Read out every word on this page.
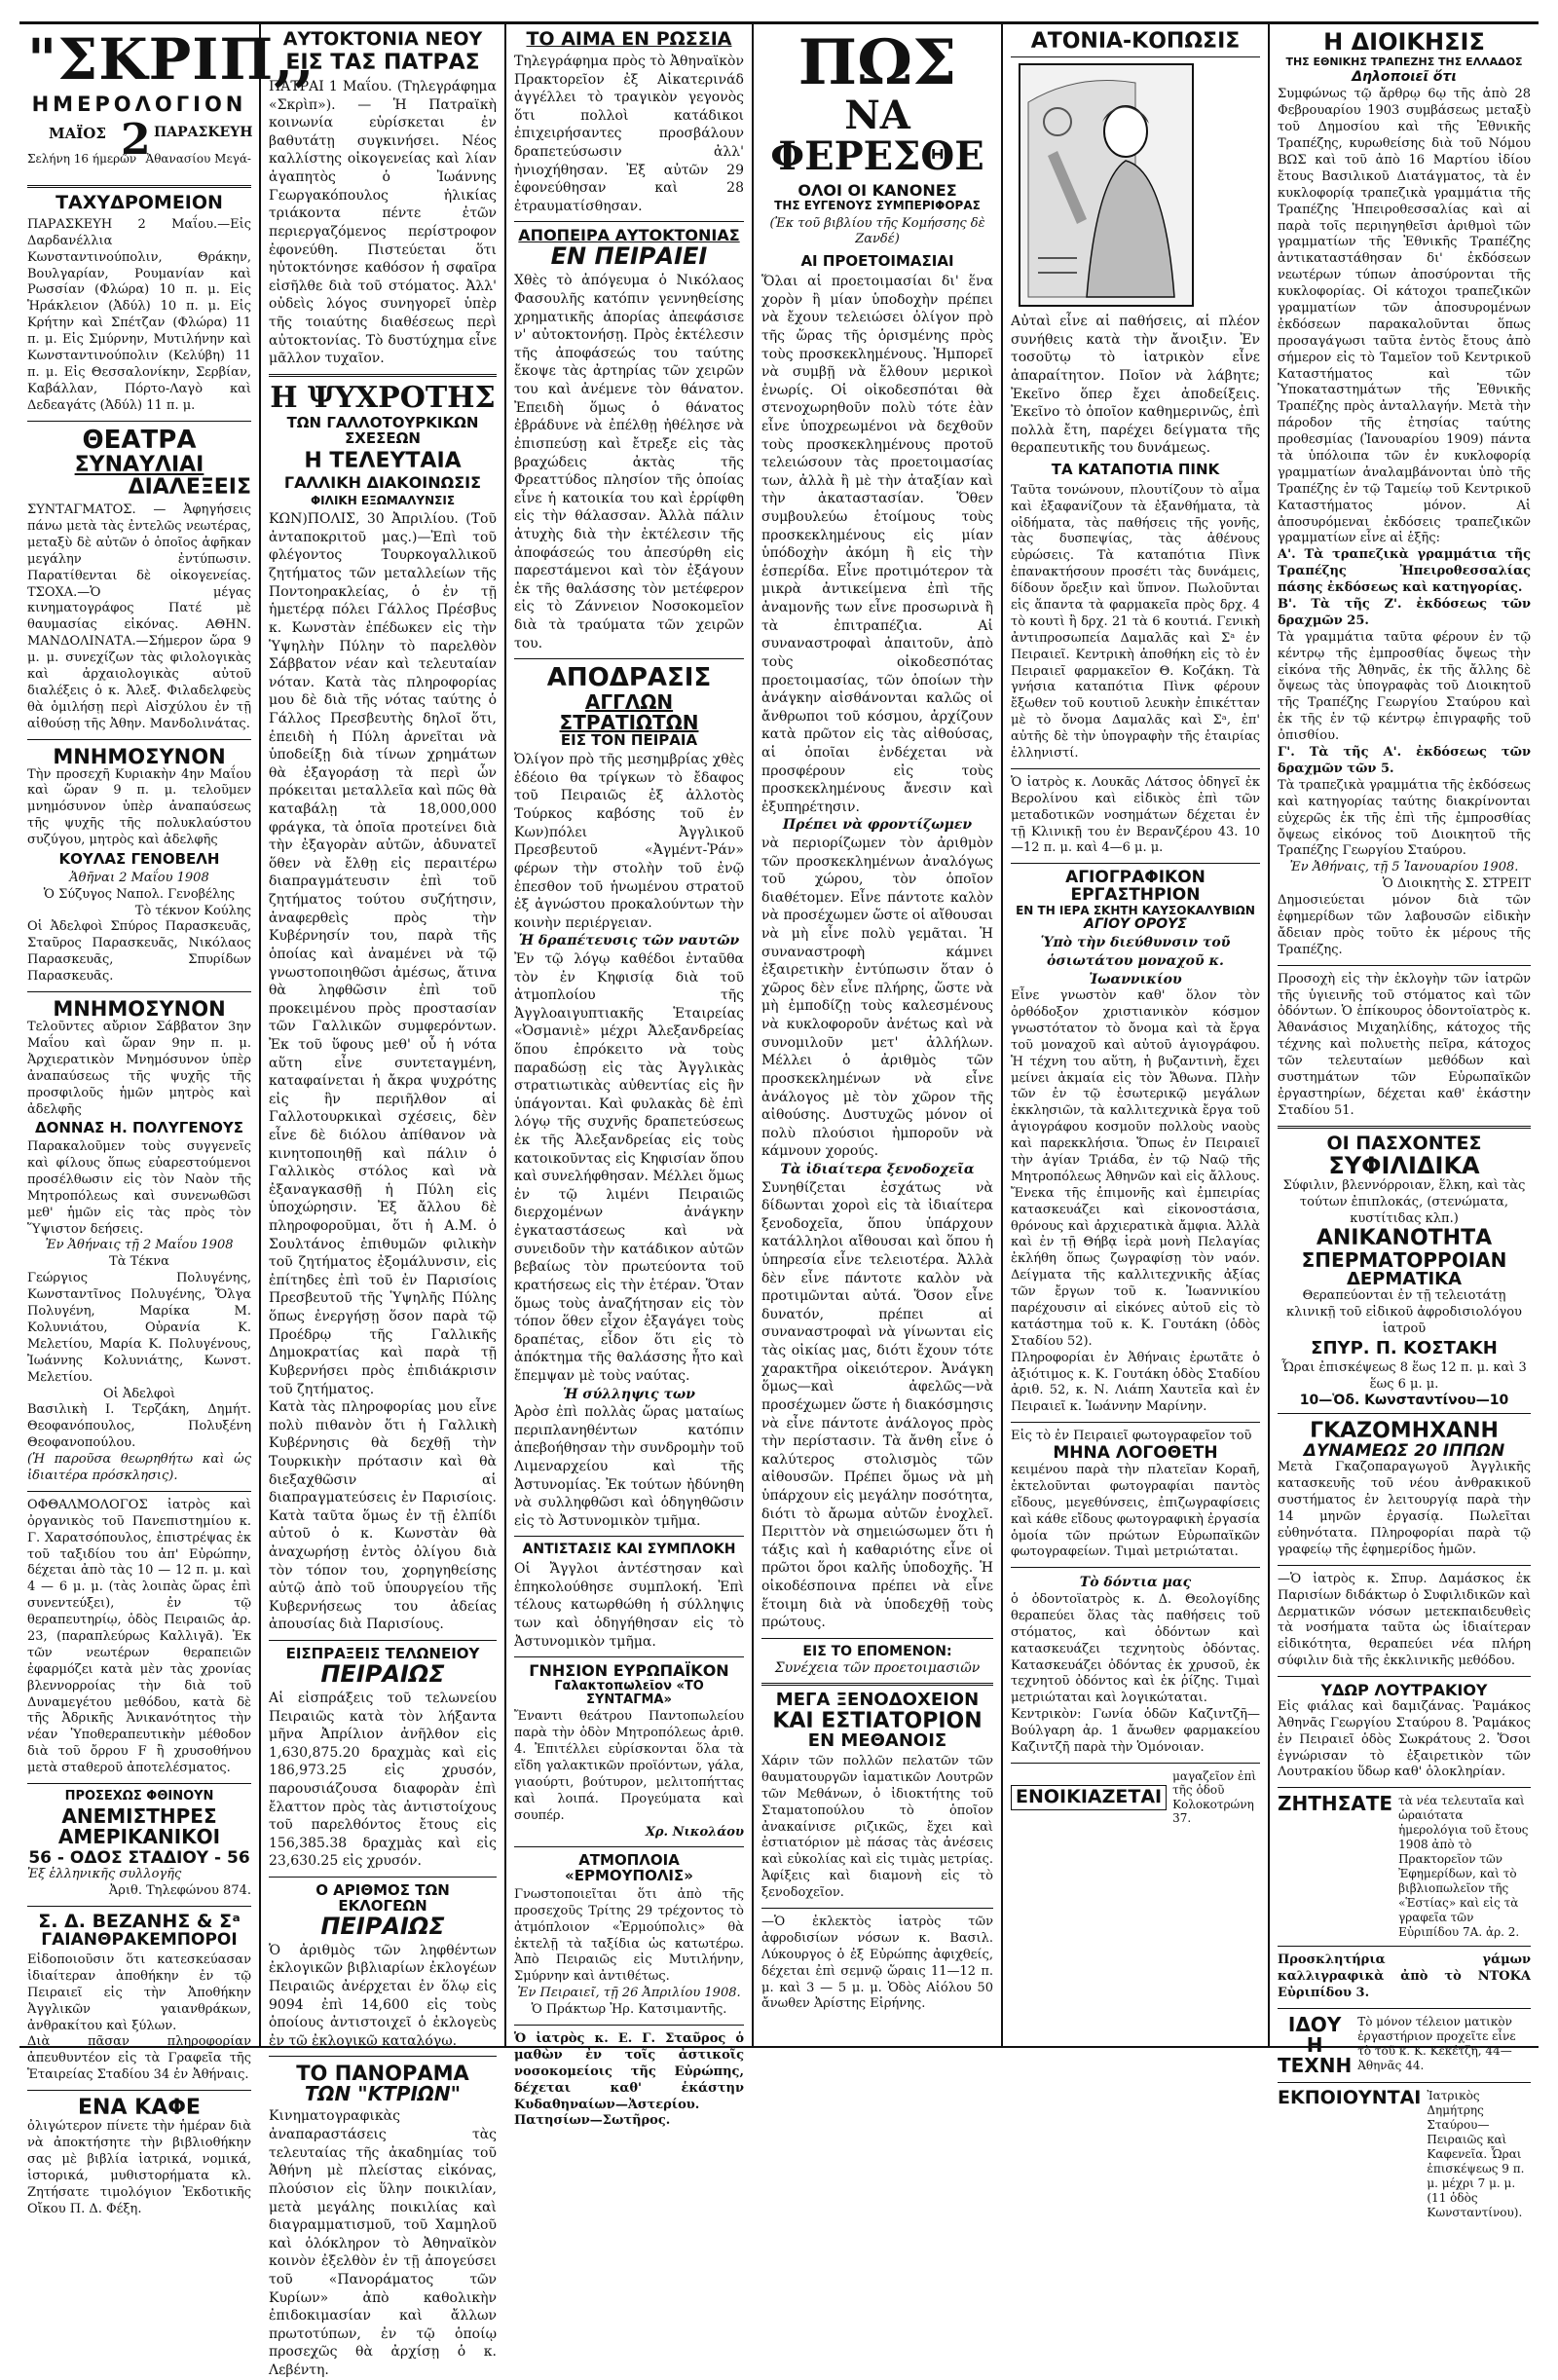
"ΣΚΡΙΠ,,
ΗΜΕΡΟΛΟΓΙΟΝ
ΜΑΪΟΣ 2 ΠΑΡΑΣΚΕΥΗ
Σελήνη 16 ήμερῶν Ἀθανασίου Μεγά-
ΤΑΧΥΔΡΟΜΕΙΟΝ

ΠΑΡΑΣΚΕΥΗ 2 Μαΐου.—Εἰς Δαρδανέλλια Κωνσταντινούπολιν, Θράκην, Βουλγαρίαν, Ρουμανίαν καὶ Ρωσσίαν (Φλώρα) 10 π. μ. Εἰς Ἡράκλειον (Ἀδύλ) 10 π. μ. Εἰς Κρήτην καὶ Σπέτζαν (Φλώρα) 11 π. μ. Εἰς Σμύρνην, Μυτιλήνην καὶ Κωνσταντινούπολιν (Κελύβη) 11 π. μ. Εἰς Θεσσαλονίκην, Σερβίαν, Καβάλλαν, Πόρτο-Λαγὸ καὶ Δεδεαγάτς (Ἀδύλ) 11 π. μ.

ΘΕΑΤΡΑ
ΣΥΝΑΥΛΙΑΙ
ΔΙΑΛΕΞΕΙΣ

ΣΥΝΤΑΓΜΑΤΟΣ. — Ἀφηγήσεις πάνω μετὰ τὰς ἐντελῶς νεωτέρας, μεταξὺ δὲ αὐτῶν ὁ ὁποῖος ἀφῆκαν μεγάλην ἐντύπωσιν. Παρατίθενται δὲ οἰκογενείας. ΤΣΟΧΑ.—Ὁ μέγας κινηματογράφος Πατέ μὲ θαυμασίας εἰκόνας. ΑΘΗΝ. ΜΑΝΔΟΛΙΝΑΤΑ.—Σήμερον ὥρα 9 μ. μ. συνεχίζων τὰς φιλολογικὰς καὶ ἀρχαιολογικὰς αὐτοῦ διαλέξεις ὁ κ. Ἀλεξ. Φιλαδελφεὺς θὰ ὁμιλήσῃ περὶ Αἰσχύλου ἐν τῇ αἰθούσῃ τῆς Ἀθην. Μανδολινάτας.

ΜΝΗΜΟΣΥΝΟΝ

Τὴν προσεχῆ Κυριακὴν 4ην Μαΐου καὶ ὥραν 9 π. μ. τελοῦμεν μνημόσυνον ὑπὲρ ἀναπαύσεως τῆς ψυχῆς τῆς πολυκλαύστου συζύγου, μητρὸς καὶ ἀδελφῆς

ΚΟΥΛΑΣ ΓΕΝΟΒΕΛΗ

Ἀθῆναι 2 Μαΐου 1908

Ὁ Σύζυγος Ναπολ. Γενοβέλης

Τὸ τέκνον Κούλης

Οἱ Ἀδελφοὶ Σπύρος Παρασκευᾶς, Σταῦρος Παρασκευᾶς, Νικόλαος Παρασκευᾶς, Σπυρίδων Παρασκευᾶς.

ΜΝΗΜΟΣΥΝΟΝ

Τελοῦντες αὔριον Σάββατον 3ην Μαΐου καὶ ὥραν 9ην π. μ. Ἀρχιερατικὸν Μνημόσυνον ὑπὲρ ἀναπαύσεως τῆς ψυχῆς τῆς προσφιλοῦς ἡμῶν μητρὸς καὶ ἀδελφῆς

ΔΟΝΝΑΣ Η. ΠΟΛΥΓΕΝΟΥΣ

Παρακαλοῦμεν τοὺς συγγενεῖς καὶ φίλους ὅπως εὐαρεστούμενοι προσέλθωσιν εἰς τὸν Ναὸν τῆς Μητροπόλεως καὶ συνενωθῶσι μεθ' ἡμῶν εἰς τὰς πρὸς τὸν Ὕψιστον δεήσεις.

Ἐν Ἀθήναις τῇ 2 Μαΐου 1908

Τὰ Τέκνα

Γεώργιος Πολυγένης, Κωνσταντῖνος Πολυγένης, Ὄλγα Πολυγένη, Μαρίκα Μ. Κολυνιάτου, Οὐρανία Κ. Μελετίου, Μαρία Κ. Πολυγένους, Ἰωάννης Κολυνιάτης, Κωνστ. Μελετίου.

Οἱ Ἀδελφοὶ

Βασιλικὴ Ι. Τερζάκη, Δημήτ. Θεοφανόπουλος, Πολυξένη Θεοφανοπούλου.

(Ἡ παροῦσα θεωρηθήτω καὶ ὡς ἰδιαιτέρα πρόσκλησις).

ΟΦΘΑΛΜΟΛΟΓΟΣ ἰατρὸς καὶ ὀργανικὸς τοῦ Πανεπιστημίου κ. Γ. Χαρατσόπουλος, ἐπιστρέψας ἐκ τοῦ ταξιδίου του ἀπ' Εὐρώπην, δέχεται ἀπὸ τὰς 10 — 12 π. μ. καὶ 4 — 6 μ. μ. (τὰς λοιπὰς ὥρας ἐπὶ συνεντεύξει), ἐν τῷ θεραπευτηρίῳ, ὁδὸς Πειραιῶς ἀρ. 23, (παραπλεύρως Καλλιγᾶ). Ἐκ τῶν νεωτέρων θεραπειῶν ἐφαρμόζει κατὰ μὲν τὰς χρονίας βλεννορροίας τὴν διὰ τοῦ Δυναμεγέτου μεθόδου, κατὰ δὲ τῆς Ἀδρικῆς Ἀνικανότητος τὴν νέαν Ὑποθεραπευτικὴν μέθοδον διὰ τοῦ ὄρρου F ἢ χρυσοθήνου μετὰ σταθεροῦ ἀποτελέσματος.

ΠΡΟΣΕΧΩΣ ΦΘΙΝΟΥΝ
ΑΝΕΜΙΣΤΗΡΕΣ ΑΜΕΡΙΚΑΝΙΚΟΙ
56 - ΟΔΟΣ ΣΤΑΔΙΟΥ - 56

Ἐξ ἑλληνικῆς συλλογῆς

Ἀριθ. Τηλεφώνου 874.

Σ. Δ. ΒΕΖΑΝΗΣ & Σᵃ
ΓΑΙΑΝΘΡΑΚΕΜΠΟΡΟΙ

Εἰδοποιοῦσιν ὅτι κατεσκεύασαν ἰδιαίτεραν ἀποθήκην ἐν τῷ Πειραιεῖ εἰς τὴν Ἀποθήκην Ἀγγλικῶν γαιανθράκων, ἀνθρακίτου καὶ ξύλων.

Διὰ πᾶσαν πληροφορίαν ἀπευθυντέον εἰς τὰ Γραφεῖα τῆς Ἑταιρείας Σταδίου 34 ἐν Ἀθήναις.

ΕΝΑ ΚΑΦΕ

ὀλιγώτερον πίνετε τὴν ἡμέραν διὰ νὰ ἀποκτήσητε τὴν βιβλιοθήκην σας μὲ βιβλία ἰατρικά, νομικά, ἱστορικά, μυθιστορήματα κλ. Ζητήσατε τιμολόγιον Ἐκδοτικῆς Οἴκου Π. Δ. Φέξη.

ΑΥΤΟΚΤΟΝΙΑ ΝΕΟΥ
ΕΙΣ ΤΑΣ ΠΑΤΡΑΣ

ΠΑΤΡΑΙ 1 Μαΐου. (Τηλεγράφημα «Σκρὶπ»). — Ἡ Πατραϊκὴ κοινωνία εὑρίσκεται ἐν βαθυτάτῃ συγκινήσει. Νέος καλλίστης οἰκογενείας καὶ λίαν ἀγαπητὸς ὁ Ἰωάννης Γεωργακόπουλος ἡλικίας τριάκοντα πέντε ἐτῶν περιεργαζόμενος περίστροφον ἐφονεύθη. Πιστεύεται ὅτι ηὐτοκτόνησε καθόσον ἡ σφαῖρα εἰσῆλθε διὰ τοῦ στόματος. Ἀλλ' οὐδεὶς λόγος συνηγορεῖ ὑπὲρ τῆς τοιαύτης διαθέσεως περὶ αὐτοκτονίας. Τὸ δυστύχημα εἶνε μᾶλλον τυχαῖον.

Η ΨΥΧΡΟΤΗΣ
ΤΩΝ ΓΑΛΛΟΤΟΥΡΚΙΚΩΝ ΣΧΕΣΕΩΝ
Η ΤΕΛΕΥΤΑΙΑ
ΓΑΛΛΙΚΗ ΔΙΑΚΟΙΝΩΣΙΣ
ΦΙΛΙΚΗ ΕΞΩΜΑΛΥΝΣΙΣ

ΚΩΝ)ΠΟΛΙΣ, 30 Ἀπριλίου. (Τοῦ ἀνταποκριτοῦ μας.)—Ἐπὶ τοῦ φλέγοντος Τουρκογαλλικοῦ ζητήματος τῶν μεταλλείων τῆς Ποντοηρακλείας, ὁ ἐν τῇ ἡμετέρᾳ πόλει Γάλλος Πρέσβυς κ. Κωνστὰν ἐπέδωκεν εἰς τὴν Ὑψηλὴν Πύλην τὸ παρελθὸν Σάββατον νέαν καὶ τελευταίαν νόταν. Κατὰ τὰς πληροφορίας μου δὲ διὰ τῆς νότας ταύτης ὁ Γάλλος Πρεσβευτὴς δηλοῖ ὅτι, ἐπειδὴ ἡ Πύλη ἀρνεῖται νὰ ὑποδείξῃ διὰ τίνων χρημάτων θὰ ἐξαγοράσῃ τὰ περὶ ὧν πρόκειται μεταλλεῖα καὶ πῶς θὰ καταβάλῃ τὰ 18,000,000 φράγκα, τὰ ὁποῖα προτείνει διὰ τὴν ἐξαγορὰν αὐτῶν, ἀδυνατεῖ ὅθεν νὰ ἔλθῃ εἰς περαιτέρω διαπραγμάτευσιν ἐπὶ τοῦ ζητήματος τούτου συζήτησιν, ἀναφερθεὶς πρὸς τὴν Κυβέρνησίν του, παρὰ τῆς ὁποίας καὶ ἀναμένει νὰ τῷ γνωστοποιηθῶσι ἀμέσως, ἅτινα θὰ ληφθῶσιν ἐπὶ τοῦ προκειμένου πρὸς προστασίαν τῶν Γαλλικῶν συμφερόντων. Ἐκ τοῦ ὕφους μεθ' οὗ ἡ νότα αὕτη εἶνε συντεταγμένη, καταφαίνεται ἡ ἄκρα ψυχρότης εἰς ἣν περιῆλθον αἱ Γαλλοτουρκικαὶ σχέσεις, δὲν εἶνε δὲ διόλου ἀπίθανον νὰ κινητοποιηθῇ καὶ πάλιν ὁ Γαλλικὸς στόλος καὶ νὰ ἐξαναγκασθῇ ἡ Πύλη εἰς ὑποχώρησιν. Ἐξ ἄλλου δὲ πληροφοροῦμαι, ὅτι ἡ Α.Μ. ὁ Σουλτάνος ἐπιθυμῶν φιλικὴν τοῦ ζητήματος ἐξομάλυνσιν, εἰς ἐπίτηδες ἐπὶ τοῦ ἐν Παρισίοις Πρεσβευτοῦ τῆς Ὑψηλῆς Πύλης ὅπως ἐνεργήσῃ ὅσον παρὰ τῷ Προέδρῳ τῆς Γαλλικῆς Δημοκρατίας καὶ παρὰ τῇ Κυβερνήσει πρὸς ἐπιδιάκρισιν τοῦ ζητήματος.

Κατὰ τὰς πληροφορίας μου εἶνε πολὺ πιθανὸν ὅτι ἡ Γαλλικὴ Κυβέρνησις θὰ δεχθῇ τὴν Τουρκικὴν πρότασιν καὶ θὰ διεξαχθῶσιν αἱ διαπραγματεύσεις ἐν Παρισίοις. Κατὰ ταῦτα ὅμως ἐν τῇ ἐλπίδι αὐτοῦ ὁ κ. Κωνστὰν θὰ ἀναχωρήσῃ ἐντὸς ὀλίγου διὰ τὸν τόπον του, χορηγηθείσης αὐτῷ ἀπὸ τοῦ ὑπουργείου τῆς Κυβερνήσεως του ἀδείας ἀπουσίας διὰ Παρισίους.

ΕΙΣΠΡΑΞΕΙΣ ΤΕΛΩΝΕΙΟΥ
ΠΕΙΡΑΙΩΣ

Αἱ εἰσπράξεις τοῦ τελωνείου Πειραιῶς κατὰ τὸν λήξαντα μῆνα Ἀπρίλιον ἀνῆλθον εἰς 1,630,875.20 δραχμὰς καὶ εἰς 186,973.25 εἰς χρυσόν, παρουσιάζουσα διαφορὰν ἐπὶ ἔλαττον πρὸς τὰς ἀντιστοίχους τοῦ παρελθόντος ἔτους εἰς 156,385.38 δραχμὰς καὶ εἰς 23,630.25 εἰς χρυσόν.

Ο ΑΡΙΘΜΟΣ ΤΩΝ ΕΚΛΟΓΕΩΝ
ΠΕΙΡΑΙΩΣ

Ὁ ἀριθμὸς τῶν ληφθέντων ἐκλογικῶν βιβλιαρίων ἐκλογέων Πειραιῶς ἀνέρχεται ἐν ὅλῳ εἰς 9094 ἐπὶ 14,600 εἰς τοὺς ὁποίους ἀντιστοιχεῖ ὁ ἐκλογεὺς ἐν τῷ ἐκλογικῷ καταλόγῳ.

ΤΟ ΠΑΝΟΡΑΜΑ
ΤΩΝ "ΚΤΡΙΩΝ"

Κινηματογραφικὰς ἀναπαραστάσεις τὰς τελευταίας τῆς ἀκαδημίας τοῦ Ἀθήνη μὲ πλείστας εἰκόνας, πλούσιον εἰς ὕλην ποικιλίαν, μετὰ μεγάλης ποικιλίας καὶ διαγραμματισμοῦ, τοῦ Χαμηλοῦ καὶ ὁλόκληρον τὸ Ἀθηναϊκὸν κοινὸν ἐξελθὸν ἐν τῇ ἀπογεύσει τοῦ «Πανοράματος τῶν Κυρίων» ἀπὸ καθολικὴν ἐπιδοκιμασίαν καὶ ἄλλων πρωτοτύπων, ἐν τῷ ὁποίῳ προσεχῶς θὰ ἀρχίσῃ ὁ κ. Λεβέντη.

ΤΟ ΑΙΜΑ ΕΝ ΡΩΣΣΙΑ

Τηλεγράφημα πρὸς τὸ Ἀθηναϊκὸν Πρακτορεῖον ἐξ Αἰκατερινάδ ἀγγέλλει τὸ τραγικὸν γεγονὸς ὅτι πολλοὶ κατάδικοι ἐπιχειρήσαντες προσβάλουν δραπετεύσωσιν ἀλλ' ἠνιοχήθησαν. Ἐξ αὐτῶν 29 ἐφονεύθησαν καὶ 28 ἐτραυματίσθησαν.

ΑΠΟΠΕΙΡΑ ΑΥΤΟΚΤΟΝΙΑΣ
ΕΝ ΠΕΙΡΑΙΕΙ

Χθὲς τὸ ἀπόγευμα ὁ Νικόλαος Φασουλῆς κατόπιν γεννηθείσης χρηματικῆς ἀπορίας ἀπεφάσισε ν' αὐτοκτονήσῃ. Πρὸς ἐκτέλεσιν τῆς ἀποφάσεώς του ταύτης ἔκοψε τὰς ἀρτηρίας τῶν χειρῶν του καὶ ἀνέμενε τὸν θάνατον. Ἐπειδὴ ὅμως ὁ θάνατος ἐβράδυνε νὰ ἐπέλθῃ ἠθέλησε νὰ ἐπισπεύσῃ καὶ ἔτρεξε εἰς τὰς βραχώδεις ἀκτὰς τῆς Φρεαττύδος πλησίον τῆς ὁποίας εἶνε ἡ κατοικία του καὶ ἐρρίφθη εἰς τὴν θάλασσαν. Ἀλλὰ πάλιν ἀτυχὴς διὰ τὴν ἐκτέλεσιν τῆς ἀποφάσεώς του ἀπεσύρθη εἰς παρεστάμενοι καὶ τὸν ἐξάγουν ἐκ τῆς θαλάσσης τὸν μετέφερον εἰς τὸ Ζάννειον Νοσοκομεῖον διὰ τὰ τραύματα τῶν χειρῶν του.

ΑΠΟΔΡΑΣΙΣ
ΑΓΓΛΩΝ ΣΤΡΑΤΙΩΤΩΝ
ΕΙΣ ΤΟΝ ΠΕΙΡΑΙΑ

Ὀλίγον πρὸ τῆς μεσημβρίας χθὲς ἐδέοιο θα τρίγκων τὸ ἔδαφος τοῦ Πειραιῶς ἐξ ἀλλοτὸς Τούρκος καβόσης τοῦ ἐν Κων)πόλει Ἀγγλικοῦ Πρεσβευτοῦ «Ἀγμέντ-Ῥάν» φέρων τὴν στολὴν τοῦ ἐνῷ ἐπεσθον τοῦ ἡνωμένου στρατοῦ ἐξ ἀγνώστου προκαλούντων τὴν κοινὴν περιέργειαν.

Ἡ δραπέτευσις τῶν ναυτῶν

Ἐν τῷ λόγῳ καθέδοι ἐνταῦθα τὸν ἐν Κηφισίᾳ διὰ τοῦ ἀτμοπλοίου τῆς Ἀγγλοαιγυπτιακῆς Ἑταιρείας «Ὀσμανιὲ» μέχρι Ἀλεξανδρείας ὅπου ἐπρόκειτο νὰ τοὺς παραδώσῃ εἰς τὰς Ἀγγλικὰς στρατιωτικὰς αὐθεντίας εἰς ἣν ὑπάγονται. Καὶ φυλακὰς δὲ ἐπὶ λόγῳ τῆς συχνῆς δραπετεύσεως ἐκ τῆς Ἀλεξανδρείας εἰς τοὺς κατοικοῦντας εἰς Κηφισίαν ὅπου καὶ συνελήφθησαν. Μέλλει ὅμως ἐν τῷ λιμένι Πειραιῶς διερχομένων ἀνάγκην ἐγκαταστάσεως καὶ νὰ συνειδοῦν τὴν κατάδικον αὐτῶν βεβαίως τὸν πρωτεύοντα τοῦ κρατήσεως εἰς τὴν ἑτέραν. Ὅταν ὅμως τοὺς ἀναζήτησαν εἰς τὸν τόπον ὅθεν εἶχον ἐξαγάγει τοὺς δραπέτας, εἶδον ὅτι εἰς τὸ ἀπόκτημα τῆς θαλάσσης ἦτο καὶ ἔπεμψαν μὲ τοὺς ναύτας.

Ἡ σύλληψις των

Ἀρὸσ ἐπὶ πολλὰς ὥρας ματαίως περιπλανηθέντων κατόπιν ἀπεβοήθησαν τὴν συνδρομὴν τοῦ Λιμεναρχείου καὶ τῆς Ἀστυνομίας. Ἐκ τούτων ἠδύνηθη νὰ συλληφθῶσι καὶ ὁδηγηθῶσιν εἰς τὸ Ἀστυνομικὸν τμῆμα.

ΑΝΤΙΣΤΑΣΙΣ ΚΑΙ ΣΥΜΠΛΟΚΗ

Οἱ Ἄγγλοι ἀντέστησαν καὶ ἐπηκολούθησε συμπλοκή. Ἐπὶ τέλους κατωρθώθη ἡ σύλληψις των καὶ ὁδηγήθησαν εἰς τὸ Ἀστυνομικὸν τμῆμα.

ΓΝΗΣΙΟΝ ΕΥΡΩΠΑΪΚΟΝ
Γαλακτοπωλεῖον «ΤΟ ΣΥΝΤΑΓΜΑ»

Ἔναντι θεάτρου Παντοπωλείου παρὰ τὴν ὁδὸν Μητροπόλεως ἀριθ. 4. Ἐπιτέλλει εὐρίσκονται ὅλα τὰ εἴδη γαλακτικῶν προϊόντων, γάλα, γιαούρτι, βούτυρον, μελιτοπήττας καὶ λοιπά. Προγεύματα καὶ σουπέρ.

Χρ. Νικολάου

ΑΤΜΟΠΛΟΙΑ «ΕΡΜΟΥΠΟΛΙΣ»

Γνωστοποιεῖται ὅτι ἀπὸ τῆς προσεχοῦς Τρίτης 29 τρέχοντος τὸ ἀτμόπλοιον «Ἑρμούπολις» θὰ ἐκτελῇ τὰ ταξίδια ὡς κατωτέρω. Ἀπὸ Πειραιῶς εἰς Μυτιλήνην, Σμύρνην καὶ ἀντιθέτως.

Ἐν Πειραιεῖ, τῇ 26 Ἀπριλίου 1908.

Ὁ Πράκτωρ Ἠρ. Κατσιμαντῆς.

Ὁ ἰατρὸς κ. Ε. Γ. Σταῦρος ὁ μαθὼν ἐν τοῖς ἀστικοῖς νοσοκομείοις τῆς Εὐρώπης, δέχεται καθ' ἑκάστην Κυδαθηναίων—Ἀστερίου. Πατησίων—Σωτῆρος.

ΠΩΣ
ΝΑ ΦΕΡΕΣΘΕ
ΟΛΟΙ ΟΙ ΚΑΝΟΝΕΣ
ΤΗΣ ΕΥΓΕΝΟΥΣ ΣΥΜΠΕΡΙΦΟΡΑΣ

(Ἐκ τοῦ βιβλίου τῆς Κομήσσης δὲ Ζανδέ)

ΑΙ ΠΡΟΕΤΟΙΜΑΣΙΑΙ

Ὅλαι αἱ προετοιμασίαι δι' ἕνα χορὸν ἢ μίαν ὑποδοχὴν πρέπει νὰ ἔχουν τελειώσει ὀλίγον πρὸ τῆς ὥρας τῆς ὁρισμένης πρὸς τοὺς προσκεκλημένους. Ἠμπορεῖ νὰ συμβῇ νὰ ἔλθουν μερικοὶ ἐνωρίς. Οἱ οἰκοδεσπόται θὰ στενοχωρηθοῦν πολὺ τότε ἐὰν εἶνε ὑποχρεωμένοι νὰ δεχθοῦν τοὺς προσκεκλημένους προτοῦ τελειώσουν τὰς προετοιμασίας των, ἀλλὰ ἢ μὲ τὴν ἀταξίαν καὶ τὴν ἀκαταστασίαν. Ὅθεν συμβουλεύω ἑτοίμους τοὺς προσκεκλημένους εἰς μίαν ὑπόδοχὴν ἀκόμη ἢ εἰς τὴν ἑσπερίδα. Εἶνε προτιμότερον τὰ μικρὰ ἀντικείμενα ἐπὶ τῆς ἀναμονῆς των εἶνε προσωρινὰ ἢ τὰ ἐπιτραπέζια. Αἱ συναναστροφαὶ ἀπαιτοῦν, ἀπὸ τοὺς οἰκοδεσπότας προετοιμασίας, τῶν ὁποίων τὴν ἀνάγκην αἰσθάνονται καλῶς οἱ ἄνθρωποι τοῦ κόσμου, ἀρχίζουν κατὰ πρῶτον εἰς τὰς αἰθούσας, αἱ ὁποῖαι ἐνδέχεται νὰ προσφέρουν εἰς τοὺς προσκεκλημένους ἄνεσιν καὶ ἐξυπηρέτησιν.

Πρέπει νὰ φροντίζωμεν

νὰ περιορίζωμεν τὸν ἀριθμὸν τῶν προσκεκλημένων ἀναλόγως τοῦ χώρου, τὸν ὁποῖον διαθέτομεν. Εἶνε πάντοτε καλὸν νὰ προσέχωμεν ὥστε οἱ αἴθουσαι νὰ μὴ εἶνε πολὺ γεμᾶται. Ἡ συναναστροφὴ κάμνει ἐξαιρετικὴν ἐντύπωσιν ὅταν ὁ χῶρος δὲν εἶνε πλήρης, ὥστε νὰ μὴ ἐμποδίζῃ τοὺς καλεσμένους νὰ κυκλοφοροῦν ἀνέτως καὶ νὰ συνομιλοῦν μετ' ἀλλήλων. Μέλλει ὁ ἀριθμὸς τῶν προσκεκλημένων νὰ εἶνε ἀνάλογος μὲ τὸν χῶρον τῆς αἰθούσης. Δυστυχῶς μόνον οἱ πολὺ πλούσιοι ἠμποροῦν νὰ κάμνουν χορούς.

Τὰ ἰδιαίτερα ξενοδοχεῖα

Συνηθίζεται ἐσχάτως νὰ δίδωνται χοροὶ εἰς τὰ ἰδιαίτερα ξενοδοχεῖα, ὅπου ὑπάρχουν κατάλληλοι αἴθουσαι καὶ ὅπου ἡ ὑπηρεσία εἶνε τελειοτέρα. Ἀλλὰ δὲν εἶνε πάντοτε καλὸν νὰ προτιμῶνται αὐτά. Ὅσον εἶνε δυνατόν, πρέπει αἱ συναναστροφαὶ νὰ γίνωνται εἰς τὰς οἰκίας μας, διότι ἔχουν τότε χαρακτῆρα οἰκειότερον. Ἀνάγκη ὅμως—καὶ ἀφελῶς—νὰ προσέχωμεν ὥστε ἡ διακόσμησις νὰ εἶνε πάντοτε ἀνάλογος πρὸς τὴν περίστασιν. Τὰ ἄνθη εἶνε ὁ καλύτερος στολισμὸς τῶν αἰθουσῶν. Πρέπει ὅμως νὰ μὴ ὑπάρχουν εἰς μεγάλην ποσότητα, διότι τὸ ἄρωμα αὐτῶν ἐνοχλεῖ. Περιττὸν νὰ σημειώσωμεν ὅτι ἡ τάξις καὶ ἡ καθαριότης εἶνε οἱ πρῶτοι ὅροι καλῆς ὑποδοχῆς. Ἡ οἰκοδέσποινα πρέπει νὰ εἶνε ἕτοιμη διὰ νὰ ὑποδεχθῇ τοὺς πρώτους.

ΕΙΣ ΤΟ ΕΠΟΜΕΝΟΝ:

Συνέχεια τῶν προετοιμασιῶν

ΜΕΓΑ ΞΕΝΟΔΟΧΕΙΟΝ
ΚΑΙ ΕΣΤΙΑΤΟΡΙΟΝ
ΕΝ ΜΕΘΑΝΟΙΣ

Χάριν τῶν πολλῶν πελατῶν τῶν θαυματουργῶν ἰαματικῶν Λουτρῶν τῶν Μεθάνων, ὁ ἰδιοκτήτης τοῦ Σταματοπούλου τὸ ὁποῖον ἀνακαίνισε ριζικῶς, ἔχει καὶ ἐστιατόριον μὲ πάσας τὰς ἀνέσεις καὶ εὐκολίας καὶ εἰς τιμὰς μετρίας. Ἀφίξεις καὶ διαμονὴ εἰς τὸ ξενοδοχεῖον.

—Ὁ ἐκλεκτὸς ἰατρὸς τῶν ἀφροδισίων νόσων κ. Βασιλ. Λύκουργος ὁ ἐξ Εὐρώπης ἀφιχθείς, δέχεται ἐπὶ σεμνῷ ὥραις 11—12 π. μ. καὶ 3 — 5 μ. μ. Ὁδὸς Αἰόλου 50 ἄνωθεν Ἀρίστης Εἰρήνης.

ΑΤΟΝΙΑ-ΚΟΠΩΣΙΣ

Αὐταὶ εἶνε αἱ παθήσεις, αἱ πλέον συνήθεις κατὰ τὴν ἄνοιξιν. Ἐν τοσοῦτῳ τὸ ἰατρικὸν εἶνε ἀπαραίτητον. Ποῖον νὰ λάβητε; Ἐκεῖνο ὅπερ ἔχει ἀποδείξεις. Ἐκεῖνο τὸ ὁποῖον καθημερινῶς, ἐπὶ πολλὰ ἔτη, παρέχει δείγματα τῆς θεραπευτικῆς του δυνάμεως.

ΤΑ ΚΑΤΑΠΟΤΙΑ ΠΙΝΚ

Ταῦτα τονώνουν, πλουτίζουν τὸ αἷμα καὶ ἐξαφανίζουν τὰ ἐξανθήματα, τὰ οἰδήματα, τὰς παθήσεις τῆς γονῆς, τὰς δυσπεψίας, τὰς ἀθένους εὐρώσεις. Τὰ καταπότια Πὶνκ ἐπανακτήσουν προσέτι τὰς δυνάμεις, δίδουν ὄρεξιν καὶ ὕπνον. Πωλοῦνται εἰς ἅπαντα τὰ φαρμακεῖα πρὸς δρχ. 4 τὸ κουτὶ ἢ δρχ. 21 τὰ 6 κουτιά. Γενικὴ ἀντιπροσωπεία Δαμαλᾶς καὶ Σᵃ ἐν Πειραιεῖ. Κεντρικὴ ἀποθήκη εἰς τὸ ἐν Πειραιεῖ φαρμακεῖον Θ. Κοζάκη. Τὰ γνήσια καταπότια Πὶνκ φέρουν ἔξωθεν τοῦ κουτιοῦ λευκὴν ἐπικέτταν μὲ τὸ ὄνομα Δαμαλᾶς καὶ Σᵃ, ἐπ' αὐτῆς δὲ τὴν ὑπογραφὴν τῆς ἑταιρίας ἑλληνιστί.

Ὁ ἰατρὸς κ. Λουκᾶς Λάτσος ὁδηγεῖ ἐκ Βερολίνου καὶ εἰδικὸς ἐπὶ τῶν μεταδοτικῶν νοσημάτων δέχεται ἐν τῇ Κλινικῇ του ἐν Βερανζέρου 43. 10—12 π. μ. καὶ 4—6 μ. μ.

ΑΓΙΟΓΡΑΦΙΚΟΝ ΕΡΓΑΣΤΗΡΙΟΝ
ΕΝ ΤΗ ΙΕΡΑ ΣΚΗΤΗ ΚΑΥΣΟΚΑΛΥΒΙΩΝ
ΑΓΙΟΥ ΟΡΟΥΣ

Ὑπὸ τὴν διεύθυνσιν τοῦ ὁσιωτάτου μοναχοῦ κ. Ἰωαννικίου

Εἶνε γνωστὸν καθ' ὅλον τὸν ὀρθόδοξον χριστιανικὸν κόσμον γνωστότατον τὸ ὄνομα καὶ τὰ ἔργα τοῦ μοναχοῦ καὶ αὐτοῦ ἁγιογράφου. Ἡ τέχνη του αὕτη, ἡ βυζαντινὴ, ἔχει μείνει ἀκμαία εἰς τὸν Ἄθωνα. Πλὴν τῶν ἐν τῷ ἐσωτερικῷ μεγάλων ἐκκλησιῶν, τὰ καλλιτεχνικὰ ἔργα τοῦ ἁγιογράφου κοσμοῦν πολλοὺς ναοὺς καὶ παρεκκλήσια. Ὅπως ἐν Πειραιεῖ τὴν ἁγίαν Τριάδα, ἐν τῷ Ναῷ τῆς Μητροπόλεως Ἀθηνῶν καὶ εἰς ἄλλους. Ἔνεκα τῆς ἐπιμονῆς καὶ ἐμπειρίας κατασκευάζει καὶ εἰκονοστάσια, θρόνους καὶ ἀρχιερατικὰ ἄμφια. Ἀλλὰ καὶ ἐν τῇ Θήβᾳ ἱερὰ μονὴ Πελαγίας ἐκλήθη ὅπως ζωγραφίσῃ τὸν ναόν. Δείγματα τῆς καλλιτεχνικῆς ἀξίας τῶν ἔργων τοῦ κ. Ἰωαννικίου παρέχουσιν αἱ εἰκόνες αὐτοῦ εἰς τὸ κατάστημα τοῦ κ. Κ. Γουτάκη (ὁδὸς Σταδίου 52).

Πληροφορίαι ἐν Ἀθήναις ἐρωτᾶτε ὁ ἀξιότιμος κ. Κ. Γουτάκη ὁδὸς Σταδίου ἀριθ. 52, κ. Ν. Λιάπη Χαυτεῖα καὶ ἐν Πειραιεῖ κ. Ἰωάννην Μαρίνην.

Εἰς τὸ ἐν Πειραιεῖ φωτογραφεῖον τοῦ

ΜΗΝΑ ΛΟΓΟΘΕΤΗ

κειμένου παρὰ τὴν πλατεῖαν Κοραῆ, ἐκτελοῦνται φωτογραφίαι παντὸς εἴδους, μεγεθύνσεις, ἐπιζωγραφίσεις καὶ κάθε εἴδους φωτογραφικὴ ἐργασία ὁμοία τῶν πρώτων Εὐρωπαϊκῶν φωτογραφείων. Τιμαὶ μετριώταται.

Τὸ δόντια μας

ὁ ὀδοντοϊατρὸς κ. Δ. Θεολογίδης θεραπεύει ὅλας τὰς παθήσεις τοῦ στόματος, καὶ ὀδόντων καὶ κατασκευάζει τεχνητοὺς ὀδόντας. Κατασκευάζει ὀδόντας ἐκ χρυσοῦ, ἐκ τεχνητοῦ ὀδόντος καὶ ἐκ ῥίζης. Τιμαὶ μετριώταται καὶ λογικώταται.

Κεντρικὸν: Γωνία ὁδῶν Καζιντζῆ—Βούλγαρη ἀρ. 1 ἄνωθεν φαρμακείου Καζιντζῆ παρὰ τὴν Ὁμόνοιαν.

ΕΝΟΙΚΙΑΖΕΤΑΙ
μαγαζεῖον ἐπὶ τῆς ὁδοῦ Κολοκοτρώνη 37.
Η ΔΙΟΙΚΗΣΙΣ
ΤΗΣ ΕΘΝΙΚΗΣ ΤΡΑΠΕΖΗΣ ΤΗΣ ΕΛΛΑΔΟΣ
Δηλοποιεῖ ὅτι

Συμφώνως τῷ ἄρθρῳ 6ῳ τῆς ἀπὸ 28 Φεβρουαρίου 1903 συμβάσεως μεταξὺ τοῦ Δημοσίου καὶ τῆς Ἐθνικῆς Τραπέζης, κυρωθείσης διὰ τοῦ Νόμου ΒΩΣ καὶ τοῦ ἀπὸ 16 Μαρτίου ἰδίου ἔτους Βασιλικοῦ Διατάγματος, τὰ ἐν κυκλοφορίᾳ τραπεζικὰ γραμμάτια τῆς Τραπέζης Ἠπειροθεσσαλίας καὶ αἱ παρὰ τοῖς περιηγηθεῖσι ἀριθμοὶ τῶν γραμματίων τῆς Ἐθνικῆς Τραπέζης ἀντικαταστάθησαν δι' ἐκδόσεων νεωτέρων τύπων ἀποσύρονται τῆς κυκλοφορίας. Οἱ κάτοχοι τραπεζικῶν γραμματίων τῶν ἀποσυρομένων ἐκδόσεων παρακαλοῦνται ὅπως προσαγάγωσι ταῦτα ἐντὸς ἔτους ἀπὸ σήμερον εἰς τὸ Ταμεῖον τοῦ Κεντρικοῦ Καταστήματος καὶ τῶν Ὑποκαταστημάτων τῆς Ἐθνικῆς Τραπέζης πρὸς ἀνταλλαγήν. Μετὰ τὴν πάροδον τῆς ἐτησίας ταύτης προθεσμίας (Ἰανουαρίου 1909) πάντα τὰ ὑπόλοιπα τῶν ἐν κυκλοφορίᾳ γραμματίων ἀναλαμβάνονται ὑπὸ τῆς Τραπέζης ἐν τῷ Ταμείῳ τοῦ Κεντρικοῦ Καταστήματος μόνον. Αἱ ἀποσυρόμεναι ἐκδόσεις τραπεζικῶν γραμματίων εἶνε αἱ ἑξῆς:

Α'. Τὰ τραπεζικὰ γραμμάτια τῆς Τραπέζης Ἠπειροθεσσαλίας πάσης ἐκδόσεως καὶ κατηγορίας.

Β'. Τὰ τῆς Ζ'. ἐκδόσεως τῶν δραχμῶν 25.

Τὰ γραμμάτια ταῦτα φέρουν ἐν τῷ κέντρῳ τῆς ἐμπροσθίας ὄψεως τὴν εἰκόνα τῆς Ἀθηνᾶς, ἐκ τῆς ἄλλης δὲ ὄψεως τὰς ὑπογραφὰς τοῦ Διοικητοῦ τῆς Τραπέζης Γεωργίου Σταύρου καὶ ἐκ τῆς ἐν τῷ κέντρῳ ἐπιγραφῆς τοῦ ὀπισθίου.

Γ'. Τὰ τῆς Α'. ἐκδόσεως τῶν δραχμῶν τῶν 5.

Τὰ τραπεζικὰ γραμμάτια τῆς ἐκδόσεως καὶ κατηγορίας ταύτης διακρίνονται εὐχερῶς ἐκ τῆς ἐπὶ τῆς ἐμπροσθίας ὄψεως εἰκόνος τοῦ Διοικητοῦ τῆς Τραπέζης Γεωργίου Σταύρου.

Ἐν Ἀθήναις, τῇ 5 Ἰανουαρίου 1908.

Ὁ Διοικητὴς Σ. ΣΤΡΕΙΤ

Δημοσιεύεται μόνον διὰ τῶν ἐφημερίδων τῶν λαβουσῶν εἰδικὴν ἄδειαν πρὸς τοῦτο ἐκ μέρους τῆς Τραπέζης.

Προσοχὴ εἰς τὴν ἐκλογὴν τῶν ἰατρῶν τῆς ὑγιεινῆς τοῦ στόματος καὶ τῶν ὀδόντων. Ὁ ἐπίκουρος ὀδοντοϊατρὸς κ. Ἀθανάσιος Μιχαηλίδης, κάτοχος τῆς τέχνης καὶ πολυετὴς πεῖρα, κάτοχος τῶν τελευταίων μεθόδων καὶ συστημάτων τῶν Εὐρωπαϊκῶν ἐργαστηρίων, δέχεται καθ' ἑκάστην Σταδίου 51.

ΟΙ ΠΑΣΧΟΝΤΕΣ
ΣΥΦΙΛΙΔΙΚΑ

Σύφιλιν, βλεννόρροιαν, ἕλκη, καὶ τὰς τούτων ἐπιπλοκάς, (στενώματα, κυστίτιδας κλπ.)

ΑΝΙΚΑΝΟΤΗΤΑ
ΣΠΕΡΜΑΤΟΡΡΟΙΑΝ
ΔΕΡΜΑΤΙΚΑ

Θεραπεύονται ἐν τῇ τελειοτάτῃ κλινικῇ τοῦ εἰδικοῦ ἀφροδισιολόγου ἰατροῦ

ΣΠΥΡ. Π. ΚΟΣΤΑΚΗ

Ὧραι ἐπισκέψεως 8 ἕως 12 π. μ. καὶ 3 ἕως 6 μ. μ.

10—Ὁδ. Κωνσταντίνου—10
ΓΚΑΖΟΜΗΧΑΝΗ
ΔΥΝΑΜΕΩΣ 20 ΙΠΠΩΝ

Μετὰ Γκαζοπαραγωγοῦ Ἀγγλικῆς κατασκευῆς τοῦ νέου ἀνθρακικοῦ συστήματος ἐν λειτουργίᾳ παρὰ τὴν 14 μηνῶν ἐργασίᾳ. Πωλεῖται εὐθηνότατα. Πληροφορίαι παρὰ τῷ γραφείῳ τῆς ἐφημερίδος ἡμῶν.

—Ὁ ἰατρὸς κ. Σπυρ. Δαμάσκος ἐκ Παρισίων διδάκτωρ ὁ Συφιλιδικῶν καὶ Δερματικῶν νόσων μετεκπαιδευθεὶς τὰ νοσήματα ταῦτα ὡς ἰδιαίτεραν εἰδικότητα, θεραπεύει νέα πλήρη σύφιλιν διὰ τῆς ἐκκλινικῆς μεθόδου.

ΥΔΩΡ ΛΟΥΤΡΑΚΙΟΥ

Εἰς φιάλας καὶ δαμιζάνας. Ῥαμάκος Ἀθηνᾶς Γεωργίου Σταύρου 8. Ῥαμάκος ἐν Πειραιεῖ ὁδὸς Σωκράτους 2. Ὅσοι ἐγνώρισαν τὸ ἐξαιρετικὸν τῶν Λουτρακίου ὕδωρ καθ' ὁλοκληρίαν.

ΖΗΤΗΣΑΤΕ τὰ νέα τελευταῖα καὶ ὡραιότατα ἡμερολόγια τοῦ ἔτους 1908 ἀπὸ τὸ Πρακτορεῖον τῶν Ἐφημερίδων, καὶ τὸ βιβλιοπωλεῖον τῆς «Ἑστίας» καὶ εἰς τὰ γραφεῖα τῶν Εὐριπίδου 7Α. ἀρ. 2.

Προσκλητήρια γάμων καλλιγραφικὰ ἀπὸ τὸ ΝΤΟΚΑ Εὐριπίδου 3.

ΙΔΟΥ Η ΤΕΧΝΗ
Τὸ μόνον τέλειον ματικὸν ἐργαστήριον προχεῖτε εἶνε τὸ τοῦ κ. Κ. Κεκέτζη, 44—Ἀθηνᾶς 44.
ΕΚΠΟΙΟΥΝΤΑΙ Ἰατρικὸς Δημήτρης Σταύρου—Πειραιῶς καὶ Καφενεῖα. Ὧραι ἐπισκέψεως 9 π. μ. μέχρι 7 μ. μ. (11 ὁδὸς Κωνσταντίνου).
